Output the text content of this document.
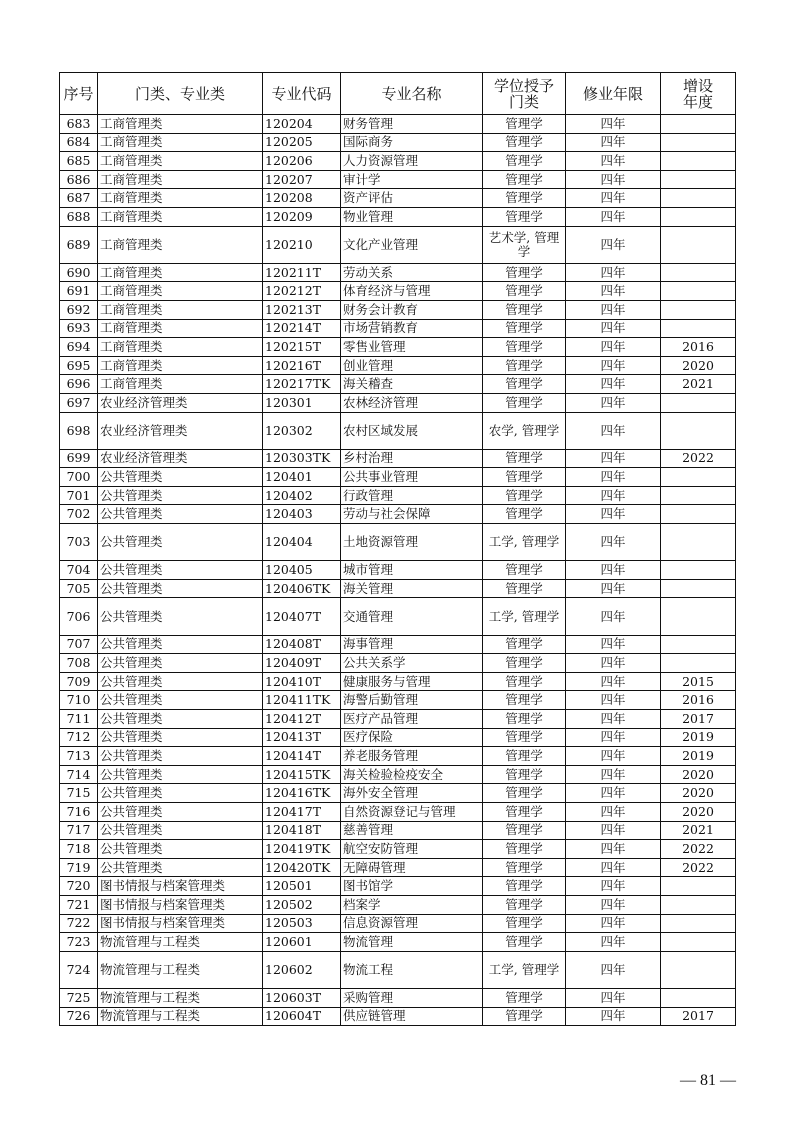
序号	门类、专业类	专业代码	专业名称	学位授予门类	修业年限	增设年度
683	工商管理类	120204	财务管理	管理学	四年	
684	工商管理类	120205	国际商务	管理学	四年	
685	工商管理类	120206	人力资源管理	管理学	四年	
686	工商管理类	120207	审计学	管理学	四年	
687	工商管理类	120208	资产评估	管理学	四年	
688	工商管理类	120209	物业管理	管理学	四年	
689	工商管理类	120210	文化产业管理	艺术学, 管理学	四年	
690	工商管理类	120211T	劳动关系	管理学	四年	
691	工商管理类	120212T	体育经济与管理	管理学	四年	
692	工商管理类	120213T	财务会计教育	管理学	四年	
693	工商管理类	120214T	市场营销教育	管理学	四年	
694	工商管理类	120215T	零售业管理	管理学	四年	2016
695	工商管理类	120216T	创业管理	管理学	四年	2020
696	工商管理类	120217TK	海关稽查	管理学	四年	2021
697	农业经济管理类	120301	农林经济管理	管理学	四年	
698	农业经济管理类	120302	农村区域发展	农学, 管理学	四年	
699	农业经济管理类	120303TK	乡村治理	管理学	四年	2022
700	公共管理类	120401	公共事业管理	管理学	四年	
701	公共管理类	120402	行政管理	管理学	四年	
702	公共管理类	120403	劳动与社会保障	管理学	四年	
703	公共管理类	120404	土地资源管理	工学, 管理学	四年	
704	公共管理类	120405	城市管理	管理学	四年	
705	公共管理类	120406TK	海关管理	管理学	四年	
706	公共管理类	120407T	交通管理	工学, 管理学	四年	
707	公共管理类	120408T	海事管理	管理学	四年	
708	公共管理类	120409T	公共关系学	管理学	四年	
709	公共管理类	120410T	健康服务与管理	管理学	四年	2015
710	公共管理类	120411TK	海警后勤管理	管理学	四年	2016
711	公共管理类	120412T	医疗产品管理	管理学	四年	2017
712	公共管理类	120413T	医疗保险	管理学	四年	2019
713	公共管理类	120414T	养老服务管理	管理学	四年	2019
714	公共管理类	120415TK	海关检验检疫安全	管理学	四年	2020
715	公共管理类	120416TK	海外安全管理	管理学	四年	2020
716	公共管理类	120417T	自然资源登记与管理	管理学	四年	2020
717	公共管理类	120418T	慈善管理	管理学	四年	2021
718	公共管理类	120419TK	航空安防管理	管理学	四年	2022
719	公共管理类	120420TK	无障碍管理	管理学	四年	2022
720	图书情报与档案管理类	120501	图书馆学	管理学	四年	
721	图书情报与档案管理类	120502	档案学	管理学	四年	
722	图书情报与档案管理类	120503	信息资源管理	管理学	四年	
723	物流管理与工程类	120601	物流管理	管理学	四年	
724	物流管理与工程类	120602	物流工程	工学, 管理学	四年	
725	物流管理与工程类	120603T	采购管理	管理学	四年	
726	物流管理与工程类	120604T	供应链管理	管理学	四年	2017
— 81 —
